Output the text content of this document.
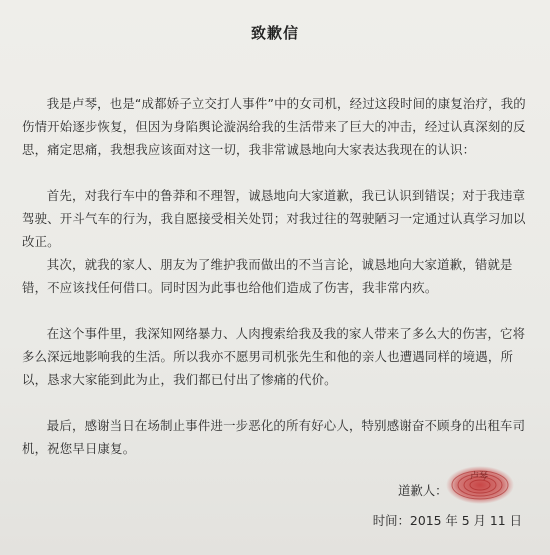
致歉信
我是卢琴，也是“成都娇子立交打人事件”中的女司机，经过这段时间的康复治疗，我的伤情开始逐步恢复，但因为身陷舆论漩涡给我的生活带来了巨大的冲击，经过认真深刻的反思，痛定思痛，我想我应该面对这一切，我非常诚恳地向大家表达我现在的认识：
首先，对我行车中的鲁莽和不理智，诚恳地向大家道歉，我已认识到错误；对于我违章驾驶、开斗气车的行为，我自愿接受相关处罚；对我过往的驾驶陋习一定通过认真学习加以改正。
其次，就我的家人、朋友为了维护我而做出的不当言论，诚恳地向大家道歉，错就是错，不应该找任何借口。同时因为此事也给他们造成了伤害，我非常内疚。
在这个事件里，我深知网络暴力、人肉搜索给我及我的家人带来了多么大的伤害，它将多么深远地影响我的生活。所以我亦不愿男司机张先生和他的亲人也遭遇同样的境遇，所以，恳求大家能到此为止，我们都已付出了惨痛的代价。
最后，感谢当日在场制止事件进一步恶化的所有好心人，特别感谢奋不顾身的出租车司机，祝您早日康复。
道歉人：
卢琴
时间：2015 年 5 月 11 日
